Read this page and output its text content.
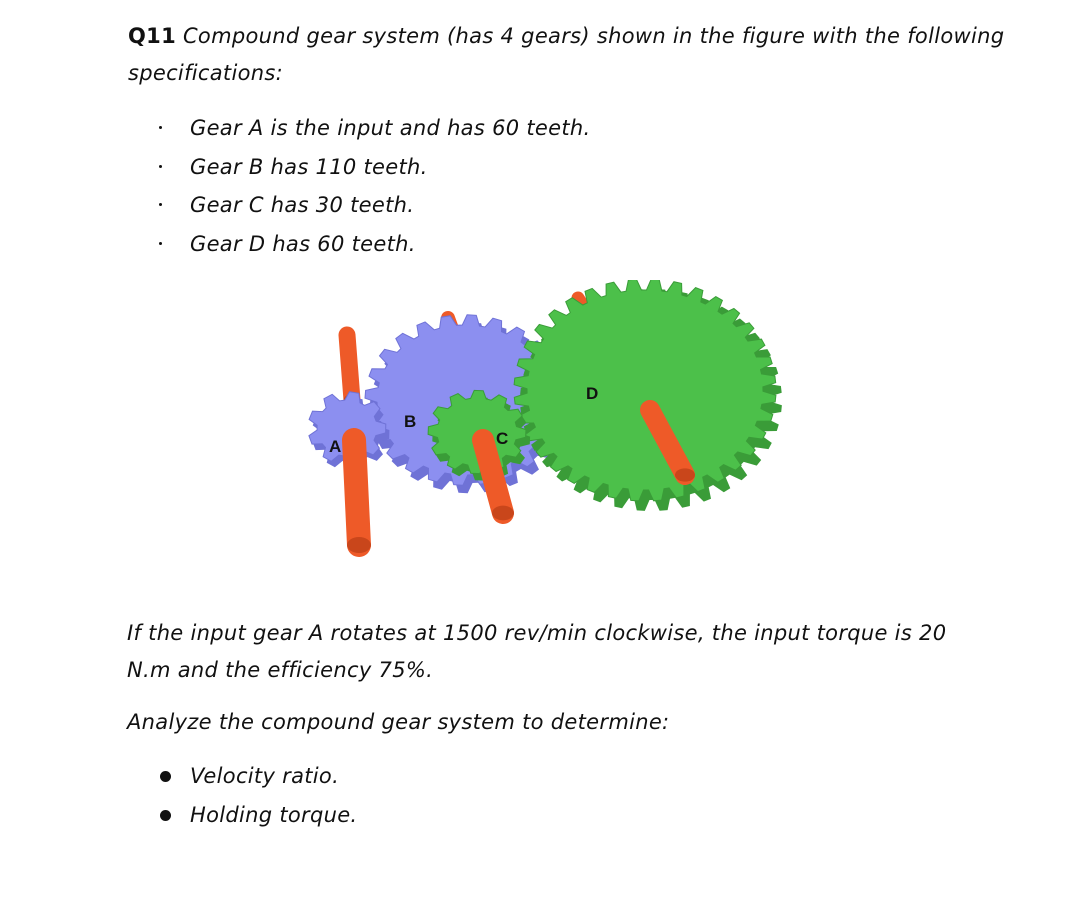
Q11 Compound gear system (has 4 gears) shown in the figure with the following specifications:
Gear A is the input and has 60 teeth.
Gear B has 110 teeth.
Gear C has 30 teeth.
Gear D has 60 teeth.
A
B
C
D
If the input gear A rotates at 1500 rev/min clockwise, the input torque is 20 N.m and the efficiency 75%.
Analyze the compound gear system to determine:
Velocity ratio.
Holding torque.
